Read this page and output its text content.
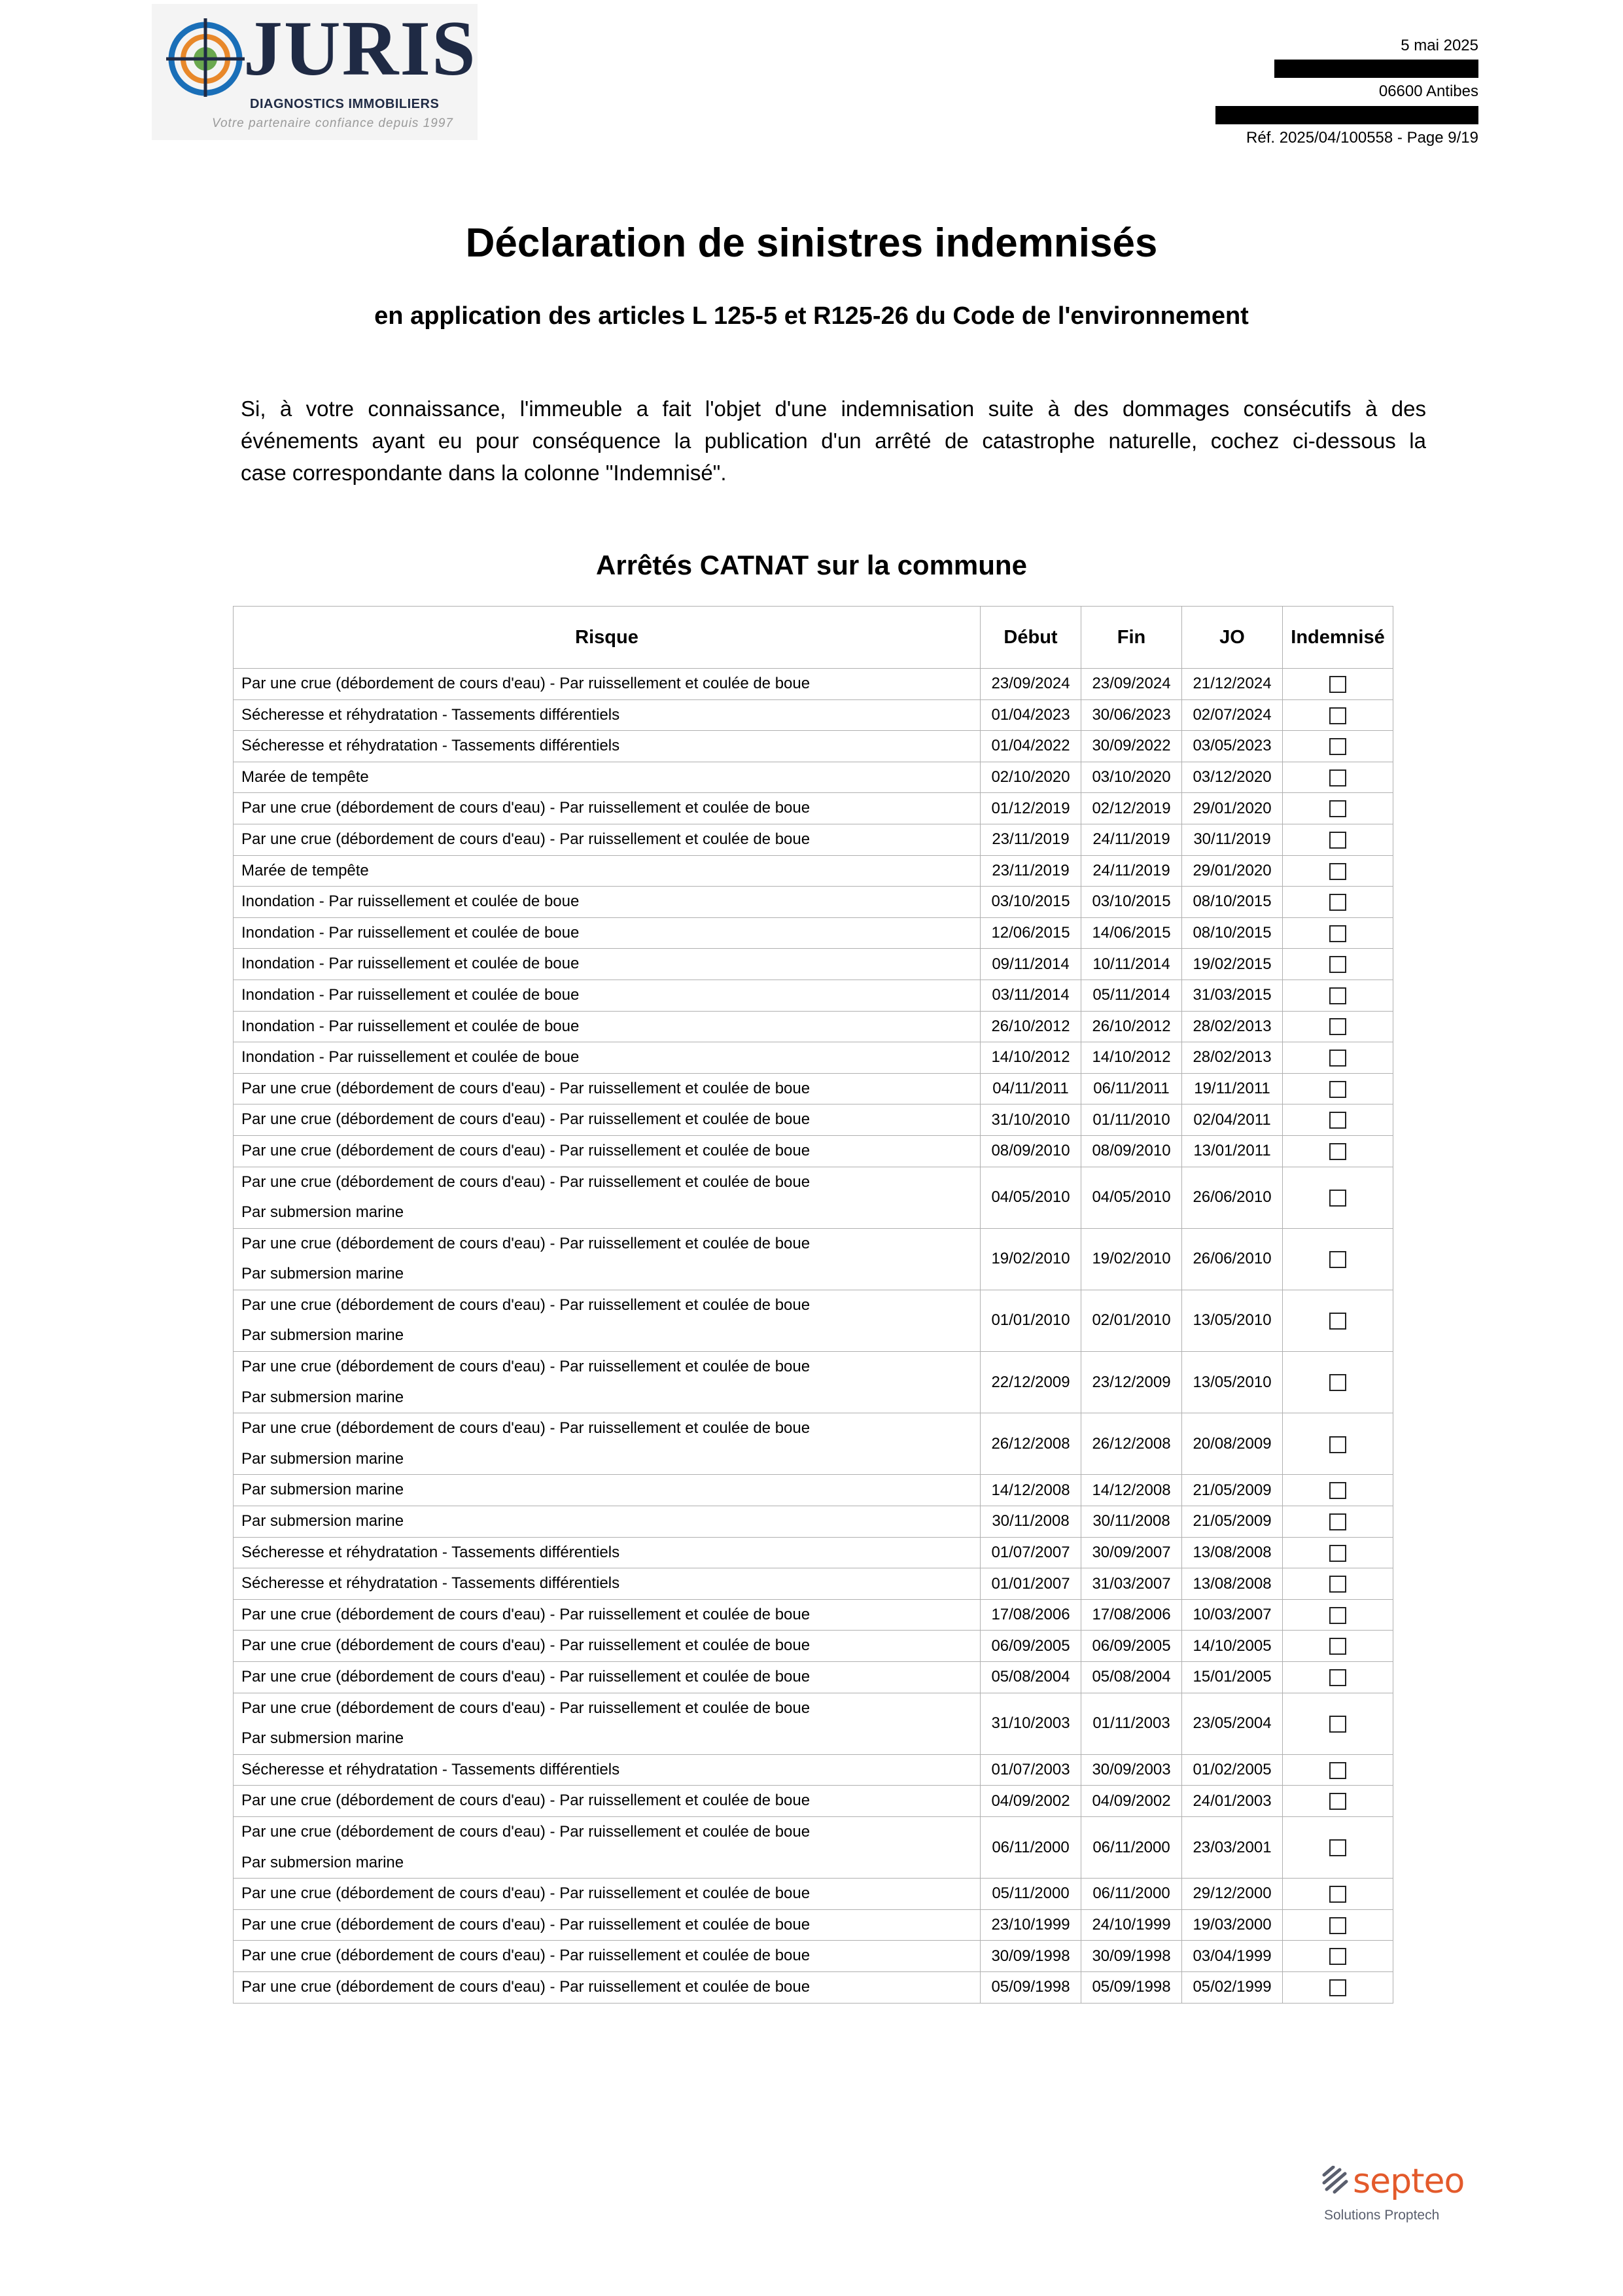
JURIS
DIAGNOSTICS IMMOBILIERS
Votre partenaire confiance depuis 1997
5 mai 2025
06600 Antibes
Réf. 2025/04/100558 - Page 9/19
Déclaration de sinistres indemnisés
en application des articles L 125-5 et R125-26 du Code de l'environnement
Si, à votre connaissance, l'immeuble a fait l'objet d'une indemnisation suite à des dommages consécutifs à des
événements ayant eu pour conséquence la publication d'un arrêté de catastrophe naturelle, cochez ci-dessous la
case correspondante dans la colonne "Indemnisé".
Arrêtés CATNAT sur la commune
Risque	Début	Fin	JO	Indemnisé

Par une crue (débordement de cours d'eau) - Par ruissellement et coulée de boue	23/09/2024	23/09/2024	21/12/2024	

Sécheresse et réhydratation - Tassements différentiels	01/04/2023	30/06/2023	02/07/2024	

Sécheresse et réhydratation - Tassements différentiels	01/04/2022	30/09/2022	03/05/2023	

Marée de tempête	02/10/2020	03/10/2020	03/12/2020	

Par une crue (débordement de cours d'eau) - Par ruissellement et coulée de boue	01/12/2019	02/12/2019	29/01/2020	

Par une crue (débordement de cours d'eau) - Par ruissellement et coulée de boue	23/11/2019	24/11/2019	30/11/2019	

Marée de tempête	23/11/2019	24/11/2019	29/01/2020	

Inondation - Par ruissellement et coulée de boue	03/10/2015	03/10/2015	08/10/2015	

Inondation - Par ruissellement et coulée de boue	12/06/2015	14/06/2015	08/10/2015	

Inondation - Par ruissellement et coulée de boue	09/11/2014	10/11/2014	19/02/2015	

Inondation - Par ruissellement et coulée de boue	03/11/2014	05/11/2014	31/03/2015	

Inondation - Par ruissellement et coulée de boue	26/10/2012	26/10/2012	28/02/2013	

Inondation - Par ruissellement et coulée de boue	14/10/2012	14/10/2012	28/02/2013	

Par une crue (débordement de cours d'eau) - Par ruissellement et coulée de boue	04/11/2011	06/11/2011	19/11/2011	

Par une crue (débordement de cours d'eau) - Par ruissellement et coulée de boue	31/10/2010	01/11/2010	02/04/2011	

Par une crue (débordement de cours d'eau) - Par ruissellement et coulée de boue	08/09/2010	08/09/2010	13/01/2011	

Par une crue (débordement de cours d'eau) - Par ruissellement et coulée de boue
Par submersion marine	04/05/2010	04/05/2010	26/06/2010	

Par une crue (débordement de cours d'eau) - Par ruissellement et coulée de boue
Par submersion marine	19/02/2010	19/02/2010	26/06/2010	

Par une crue (débordement de cours d'eau) - Par ruissellement et coulée de boue
Par submersion marine	01/01/2010	02/01/2010	13/05/2010	

Par une crue (débordement de cours d'eau) - Par ruissellement et coulée de boue
Par submersion marine	22/12/2009	23/12/2009	13/05/2010	

Par une crue (débordement de cours d'eau) - Par ruissellement et coulée de boue
Par submersion marine	26/12/2008	26/12/2008	20/08/2009	

Par submersion marine	14/12/2008	14/12/2008	21/05/2009	

Par submersion marine	30/11/2008	30/11/2008	21/05/2009	

Sécheresse et réhydratation - Tassements différentiels	01/07/2007	30/09/2007	13/08/2008	

Sécheresse et réhydratation - Tassements différentiels	01/01/2007	31/03/2007	13/08/2008	

Par une crue (débordement de cours d'eau) - Par ruissellement et coulée de boue	17/08/2006	17/08/2006	10/03/2007	

Par une crue (débordement de cours d'eau) - Par ruissellement et coulée de boue	06/09/2005	06/09/2005	14/10/2005	

Par une crue (débordement de cours d'eau) - Par ruissellement et coulée de boue	05/08/2004	05/08/2004	15/01/2005	

Par une crue (débordement de cours d'eau) - Par ruissellement et coulée de boue
Par submersion marine	31/10/2003	01/11/2003	23/05/2004	

Sécheresse et réhydratation - Tassements différentiels	01/07/2003	30/09/2003	01/02/2005	

Par une crue (débordement de cours d'eau) - Par ruissellement et coulée de boue	04/09/2002	04/09/2002	24/01/2003	

Par une crue (débordement de cours d'eau) - Par ruissellement et coulée de boue
Par submersion marine	06/11/2000	06/11/2000	23/03/2001	

Par une crue (débordement de cours d'eau) - Par ruissellement et coulée de boue	05/11/2000	06/11/2000	29/12/2000	

Par une crue (débordement de cours d'eau) - Par ruissellement et coulée de boue	23/10/1999	24/10/1999	19/03/2000	

Par une crue (débordement de cours d'eau) - Par ruissellement et coulée de boue	30/09/1998	30/09/1998	03/04/1999	

Par une crue (débordement de cours d'eau) - Par ruissellement et coulée de boue	05/09/1998	05/09/1998	05/02/1999	
septeo
Solutions Proptech
